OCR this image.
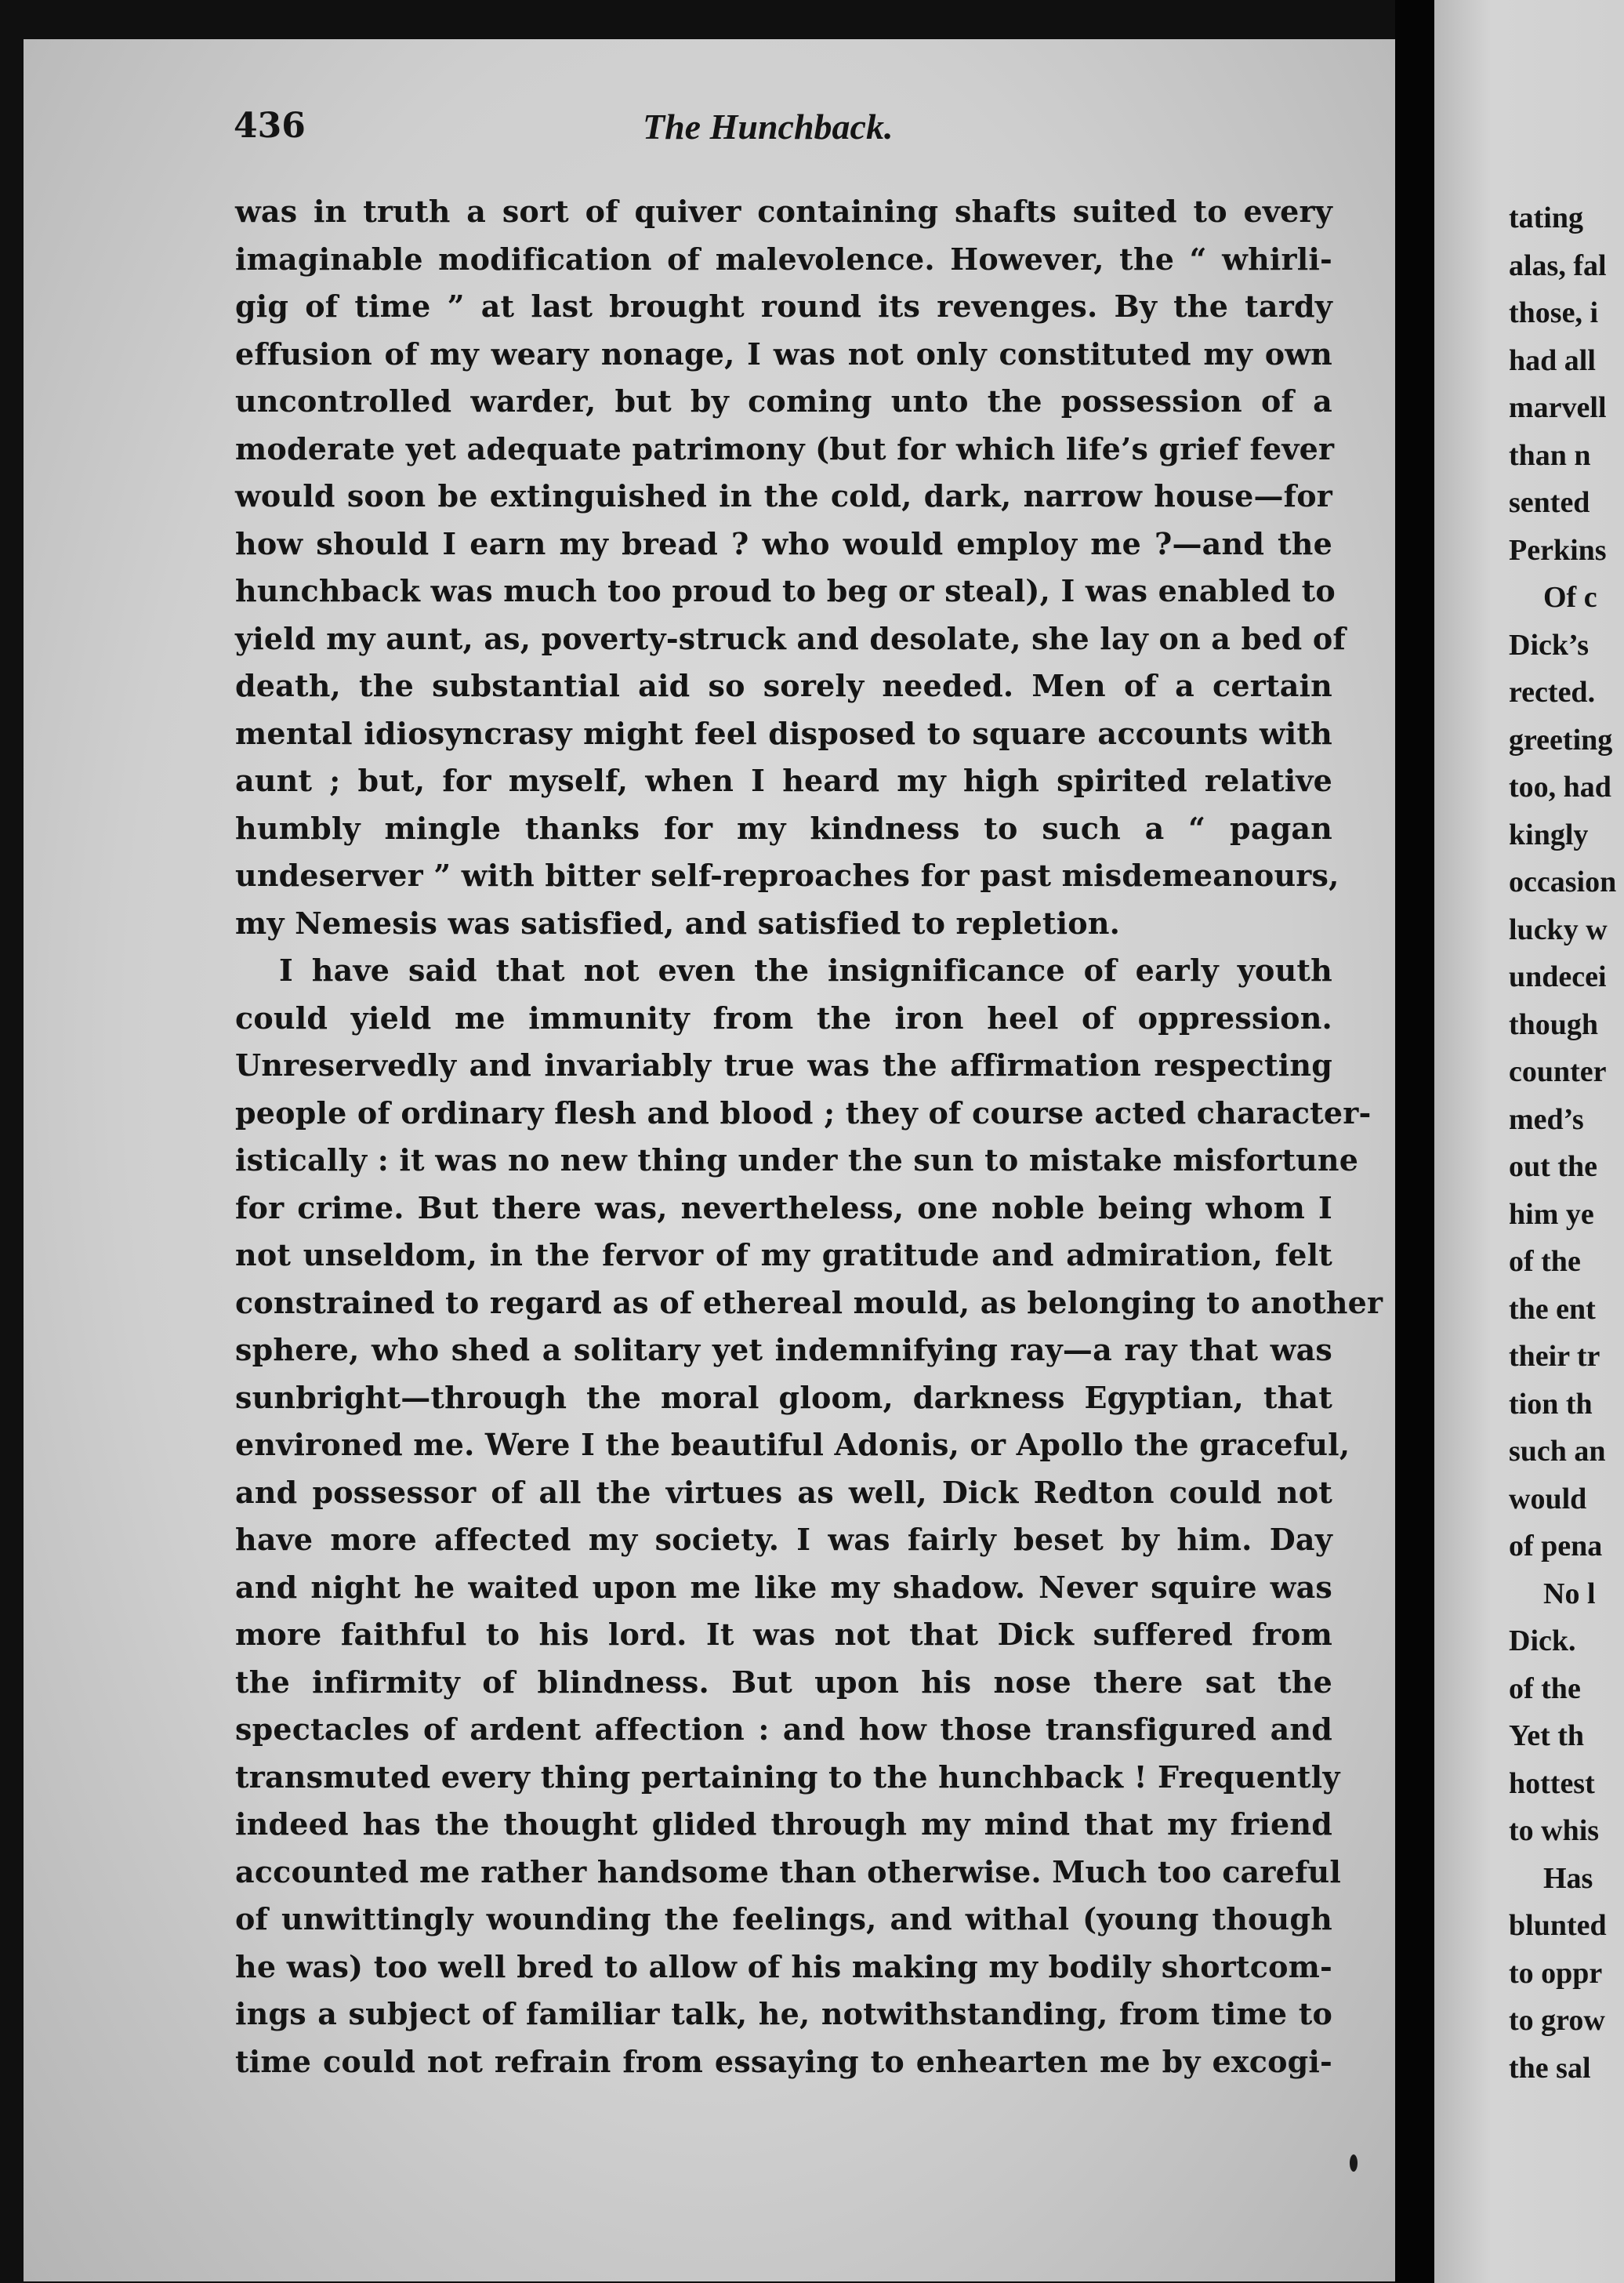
436	The Hunchback.
was in truth a sort of quiver containing shafts suited to every
imaginable modification of malevolence. However, the “ whirli-
gig of time ” at last brought round its revenges. By the tardy
effusion of my weary nonage, I was not only constituted my own
uncontrolled warder, but by coming unto the possession of a
moderate yet adequate patrimony (but for which life’s grief fever
would soon be extinguished in the cold, dark, narrow house—for
how should I earn my bread ? who would employ me ?—and the
hunchback was much too proud to beg or steal), I was enabled to
yield my aunt, as, poverty-struck and desolate, she lay on a bed of
death, the substantial aid so sorely needed. Men of a certain
mental idiosyncrasy might feel disposed to square accounts with
aunt ; but, for myself, when I heard my high spirited relative
humbly mingle thanks for my kindness to such a “ pagan
undeserver ” with bitter self-reproaches for past misdemeanours,
my Nemesis was satisfied, and satisfied to repletion.
I have said that not even the insignificance of early youth
could yield me immunity from the iron heel of oppression.
Unreservedly and invariably true was the affirmation respecting
people of ordinary flesh and blood ; they of course acted character-
istically : it was no new thing under the sun to mistake misfortune
for crime. But there was, nevertheless, one noble being whom I
not unseldom, in the fervor of my gratitude and admiration, felt
constrained to regard as of ethereal mould, as belonging to another
sphere, who shed a solitary yet indemnifying ray—a ray that was
sunbright—through the moral gloom, darkness Egyptian, that
environed me. Were I the beautiful Adonis, or Apollo the graceful,
and possessor of all the virtues as well, Dick Redton could not
have more affected my society. I was fairly beset by him. Day
and night he waited upon me like my shadow. Never squire was
more faithful to his lord. It was not that Dick suffered from
the infirmity of blindness. But upon his nose there sat the
spectacles of ardent affection : and how those transfigured and
transmuted every thing pertaining to the hunchback ! Frequently
indeed has the thought glided through my mind that my friend
accounted me rather handsome than otherwise. Much too careful
of unwittingly wounding the feelings, and withal (young though
he was) too well bred to allow of his making my bodily shortcom-
ings a subject of familiar talk, he, notwithstanding, from time to
time could not refrain from essaying to enhearten me by excogi-
tating
alas, fal
those, i
had all
marvell
than n
sented
Perkins
Of c
Dick’s
rected.
greeting
too, had
kingly
occasion
lucky w
undecei
though
counter
med’s
out the
him ye
of the
the ent
their tr
tion th
such an
would
of pena
No l
Dick.
of the
Yet th
hottest
to whis
Has
blunted
to oppr
to grow
the sal
